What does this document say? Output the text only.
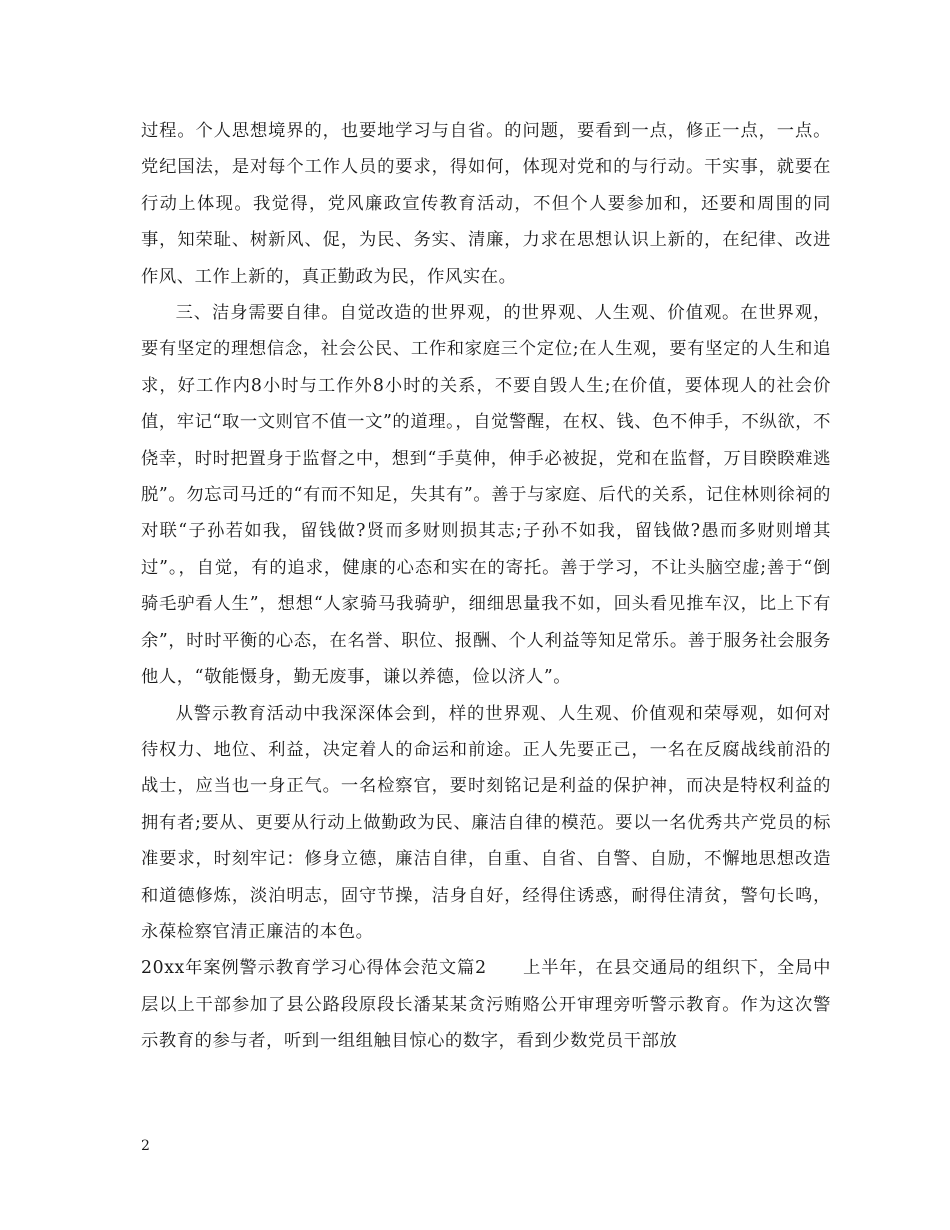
过程。个人思想境界的，也要地学习与自省。的问题，要看到一点，修正一点，一点。党纪国法，是对每个工作人员的要求，得如何，体现对党和的与行动。干实事，就要在行动上体现。我觉得，党风廉政宣传教育活动，不但个人要参加和，还要和周围的同事，知荣耻、树新风、促，为民、务实、清廉，力求在思想认识上新的，在纪律、改进作风、工作上新的，真正勤政为民，作风实在。

三、洁身需要自律。自觉改造的世界观，的世界观、人生观、价值观。在世界观，要有坚定的理想信念，社会公民、工作和家庭三个定位;在人生观，要有坚定的人生和追求，好工作内8小时与工作外8小时的关系，不要自毁人生;在价值，要体现人的社会价值，牢记“取一文则官不值一文”的道理。，自觉警醒，在权、钱、色不伸手，不纵欲，不侥幸，时时把置身于监督之中，想到“手莫伸，伸手必被捉，党和在监督，万目睽睽难逃脱”。勿忘司马迁的“有而不知足，失其有”。善于与家庭、后代的关系，记住林则徐祠的对联“子孙若如我，留钱做?贤而多财则损其志;子孙不如我，留钱做?愚而多财则增其过”。，自觉，有的追求，健康的心态和实在的寄托。善于学习，不让头脑空虚;善于“倒骑毛驴看人生”，想想“人家骑马我骑驴，细细思量我不如，回头看见推车汉，比上下有余”，时时平衡的心态，在名誉、职位、报酬、个人利益等知足常乐。善于服务社会服务他人，“敬能慑身，勤无废事，谦以养德，俭以济人”。

从警示教育活动中我深深体会到，样的世界观、人生观、价值观和荣辱观，如何对待权力、地位、利益，决定着人的命运和前途。正人先要正己，一名在反腐战线前沿的战士，应当也一身正气。一名检察官，要时刻铭记是利益的保护神，而决是特权利益的拥有者;要从、更要从行动上做勤政为民、廉洁自律的模范。要以一名优秀共产党员的标准要求，时刻牢记：修身立德，廉洁自律，自重、自省、自警、自励，不懈地思想改造和道德修炼，淡泊明志，固守节操，洁身自好，经得住诱惑，耐得住清贫，警句长鸣，永葆检察官清正廉洁的本色。

20xx年案例警示教育学习心得体会范文篇2　　上半年，在县交通局的组织下，全局中层以上干部参加了县公路段原段长潘某某贪污贿赂公开审理旁听警示教育。作为这次警示教育的参与者，听到一组组触目惊心的数字，看到少数党员干部放

2
